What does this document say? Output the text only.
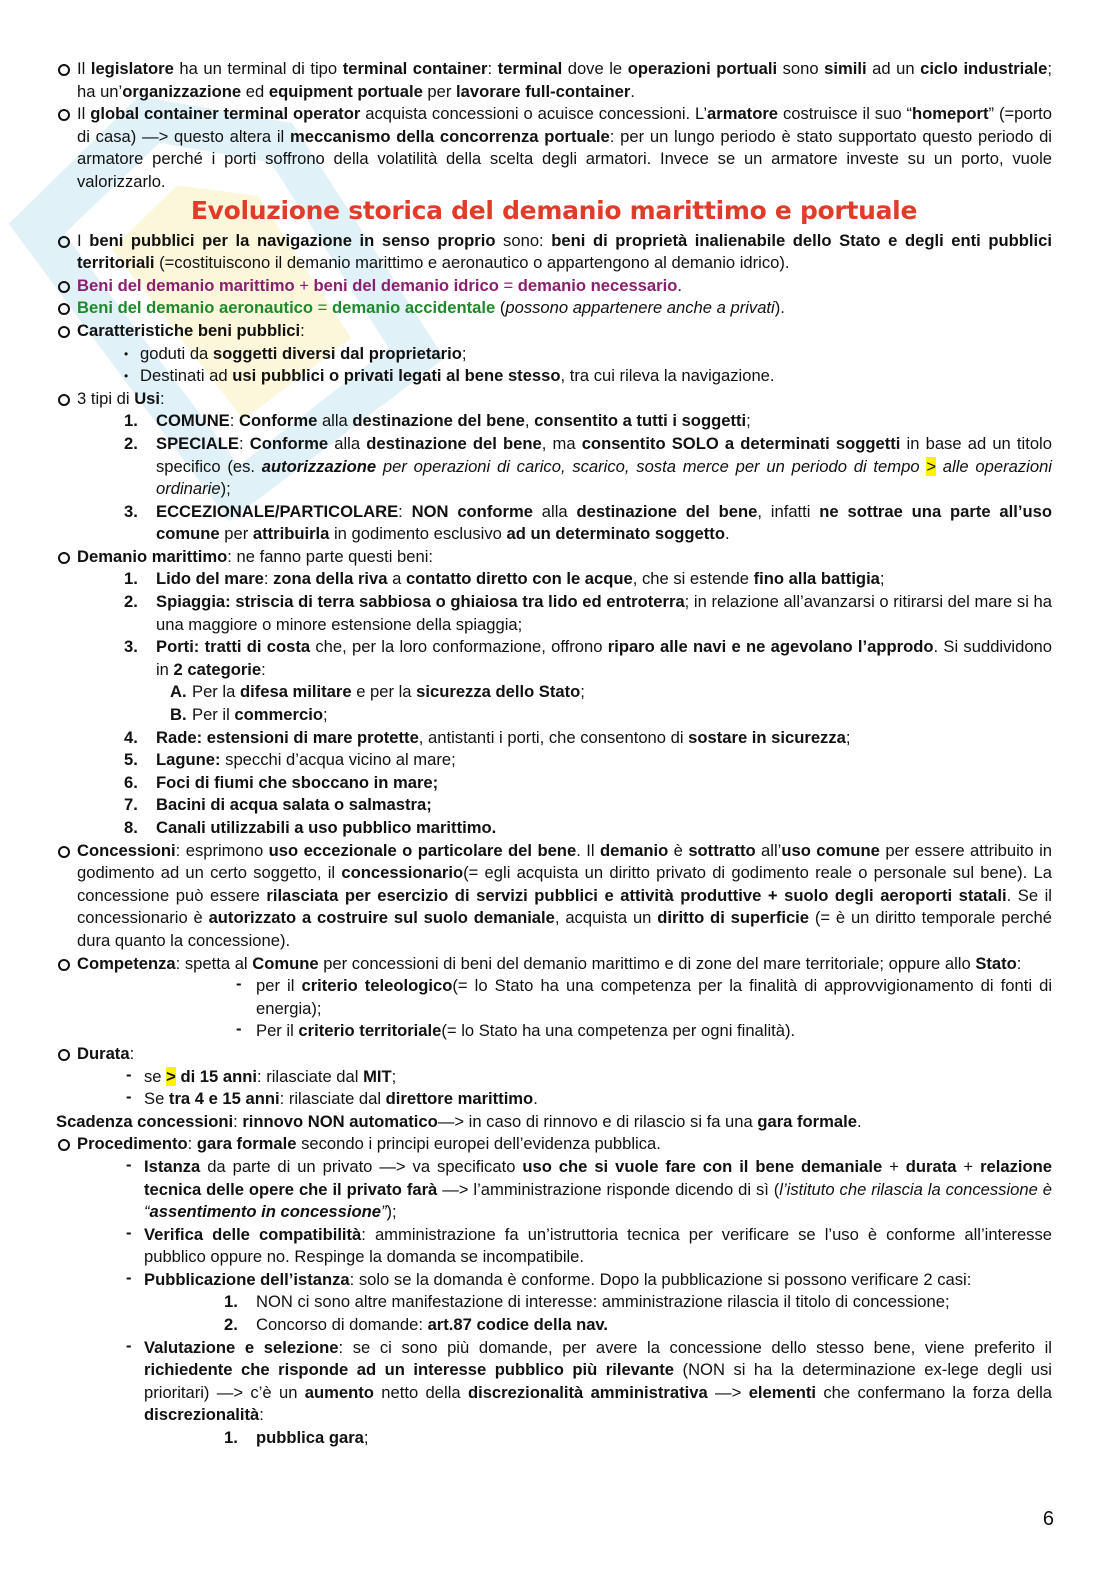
Il legislatore ha un terminal di tipo terminal container: terminal dove le operazioni portuali sono simili ad un ciclo industriale; ha un’organizzazione ed equipment portuale per lavorare full-container.
Il global container terminal operator acquista concessioni o acuisce concessioni. L’armatore costruisce il suo “homeport” (=porto di casa) —> questo altera il meccanismo della concorrenza portuale: per un lungo periodo è stato supportato questo periodo di armatore perché i porti soffrono della volatilità della scelta degli armatori. Invece se un armatore investe su un porto, vuole valorizzarlo.
Evoluzione storica del demanio marittimo e portuale
I beni pubblici per la navigazione in senso proprio sono: beni di proprietà inalienabile dello Stato e degli enti pubblici territoriali (=costituiscono il demanio marittimo e aeronautico o appartengono al demanio idrico).
Beni del demanio marittimo + beni del demanio idrico = demanio necessario.
Beni del demanio aeronautico = demanio accidentale (possono appartenere anche a privati).
Caratteristiche beni pubblici:
• goduti da soggetti diversi dal proprietario;
• Destinati ad usi pubblici o privati legati al bene stesso, tra cui rileva la navigazione.
3 tipi di Usi:
1. COMUNE: Conforme alla destinazione del bene, consentito a tutti i soggetti;
2. SPECIALE: Conforme alla destinazione del bene, ma consentito SOLO a determinati soggetti in base ad un titolo specifico (es. autorizzazione per operazioni di carico, scarico, sosta merce per un periodo di tempo > alle operazioni ordinarie);
3. ECCEZIONALE/PARTICOLARE: NON conforme alla destinazione del bene, infatti ne sottrae una parte all’uso comune per attribuirla in godimento esclusivo ad un determinato soggetto.
Demanio marittimo: ne fanno parte questi beni:
1. Lido del mare: zona della riva a contatto diretto con le acque, che si estende fino alla battigia;
2. Spiaggia: striscia di terra sabbiosa o ghiaiosa tra lido ed entroterra; in relazione all’avanzarsi o ritirarsi del mare si ha una maggiore o minore estensione della spiaggia;
3. Porti: tratti di costa che, per la loro conformazione, offrono riparo alle navi e ne agevolano l’approdo. Si suddividono in 2 categorie:
A. Per la difesa militare e per la sicurezza dello Stato;
B. Per il commercio;
4. Rade: estensioni di mare protette, antistanti i porti, che consentono di sostare in sicurezza;
5. Lagune: specchi d’acqua vicino al mare;
6. Foci di fiumi che sboccano in mare;
7. Bacini di acqua salata o salmastra;
8. Canali utilizzabili a uso pubblico marittimo.
Concessioni: esprimono uso eccezionale o particolare del bene. Il demanio è sottratto all’uso comune per essere attribuito in godimento ad un certo soggetto, il concessionario(= egli acquista un diritto privato di godimento reale o personale sul bene). La concessione può essere rilasciata per esercizio di servizi pubblici e attività produttive + suolo degli aeroporti statali. Se il concessionario è autorizzato a costruire sul suolo demaniale, acquista un diritto di superficie (= è un diritto temporale perché dura quanto la concessione).
Competenza: spetta al Comune per concessioni di beni del demanio marittimo e di zone del mare territoriale; oppure allo Stato:
- per il criterio teleologico(= lo Stato ha una competenza per la finalità di approvvigionamento di fonti di energia);
- Per il criterio territoriale(= lo Stato ha una competenza per ogni finalità).
Durata:
- se > di 15 anni: rilasciate dal MIT;
- Se tra 4 e 15 anni: rilasciate dal direttore marittimo.
Scadenza concessioni: rinnovo NON automatico—> in caso di rinnovo e di rilascio si fa una gara formale.
Procedimento: gara formale secondo i principi europei dell’evidenza pubblica.
- Istanza da parte di un privato —> va specificato uso che si vuole fare con il bene demaniale + durata + relazione tecnica delle opere che il privato farà —> l’amministrazione risponde dicendo di sì (l’istituto che rilascia la concessione è “assentimento in concessione”);
- Verifica delle compatibilità: amministrazione fa un’istruttoria tecnica per verificare se l’uso è conforme all’interesse pubblico oppure no. Respinge la domanda se incompatibile.
- Pubblicazione dell’istanza: solo se la domanda è conforme. Dopo la pubblicazione si possono verificare 2 casi:
1. NON ci sono altre manifestazione di interesse: amministrazione rilascia il titolo di concessione;
2. Concorso di domande: art.87 codice della nav.
- Valutazione e selezione: se ci sono più domande, per avere la concessione dello stesso bene, viene preferito il richiedente che risponde ad un interesse pubblico più rilevante (NON si ha la determinazione ex-lege degli usi prioritari) —> c’è un aumento netto della discrezionalità amministrativa —> elementi che confermano la forza della discrezionalità:
1. pubblica gara;
6
